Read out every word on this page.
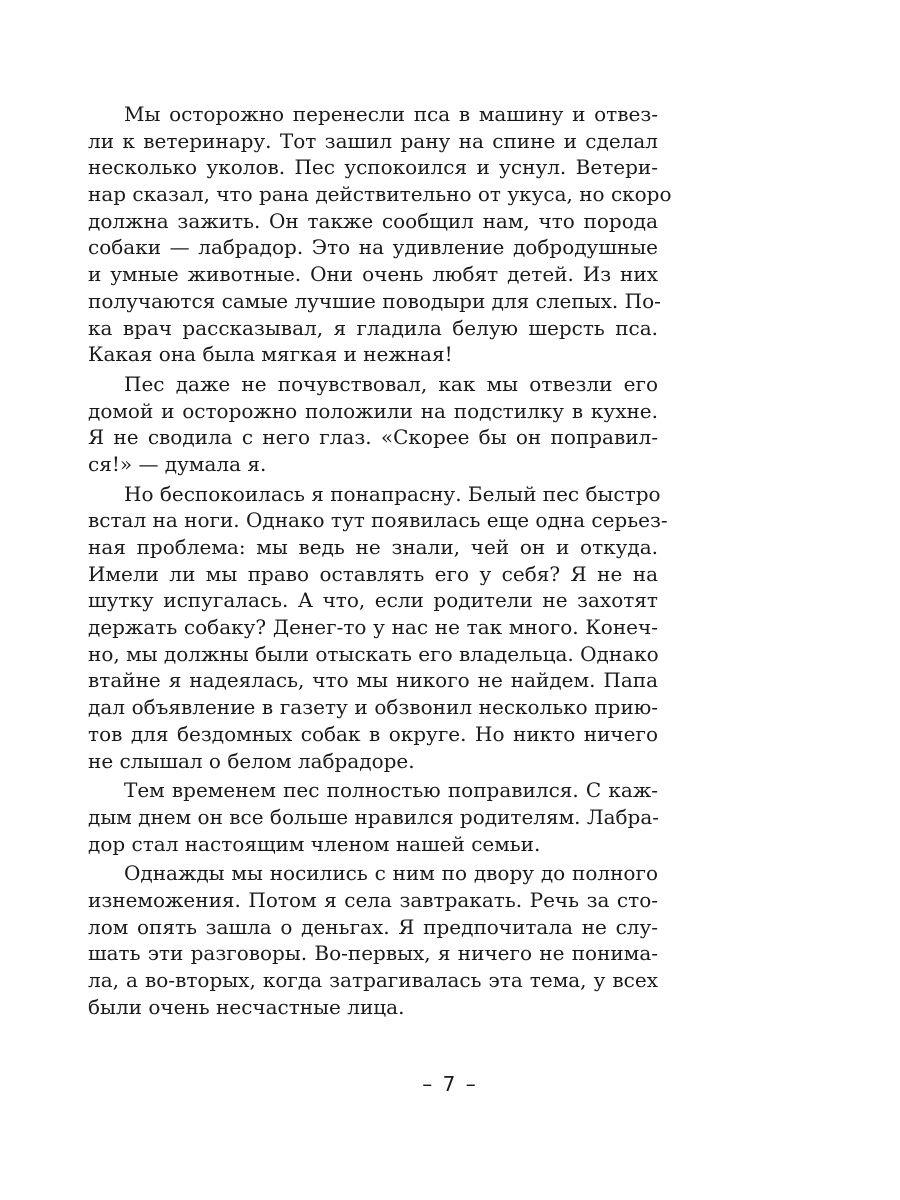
Мы осторожно перенесли пса в машину и отвез-
ли к ветеринару. Тот зашил рану на спине и сделал
несколько уколов. Пес успокоился и уснул. Ветери-
нар сказал, что рана действительно от укуса, но скоро
должна зажить. Он также сообщил нам, что порода
собаки — лабрадор. Это на удивление добродушные
и умные животные. Они очень любят детей. Из них
получаются самые лучшие поводыри для слепых. По-
ка врач рассказывал, я гладила белую шерсть пса.
Какая она была мягкая и нежная!
Пес даже не почувствовал, как мы отвезли его
домой и осторожно положили на подстилку в кухне.
Я не сводила с него глаз. «Скорее бы он поправил-
ся!» — думала я.
Но беспокоилась я понапрасну. Белый пес быстро
встал на ноги. Однако тут появилась еще одна серьез-
ная проблема: мы ведь не знали, чей он и откуда.
Имели ли мы право оставлять его у себя? Я не на
шутку испугалась. А что, если родители не захотят
держать собаку? Денег-то у нас не так много. Конеч-
но, мы должны были отыскать его владельца. Однако
втайне я надеялась, что мы никого не найдем. Папа
дал объявление в газету и обзвонил несколько прию-
тов для бездомных собак в округе. Но никто ничего
не слышал о белом лабрадоре.
Тем временем пес полностью поправился. С каж-
дым днем он все больше нравился родителям. Лабра-
дор стал настоящим членом нашей семьи.
Однажды мы носились с ним по двору до полного
изнеможения. Потом я села завтракать. Речь за сто-
лом опять зашла о деньгах. Я предпочитала не слу-
шать эти разговоры. Во-первых, я ничего не понима-
ла, а во-вторых, когда затрагивалась эта тема, у всех
были очень несчастные лица.
– 7 –
